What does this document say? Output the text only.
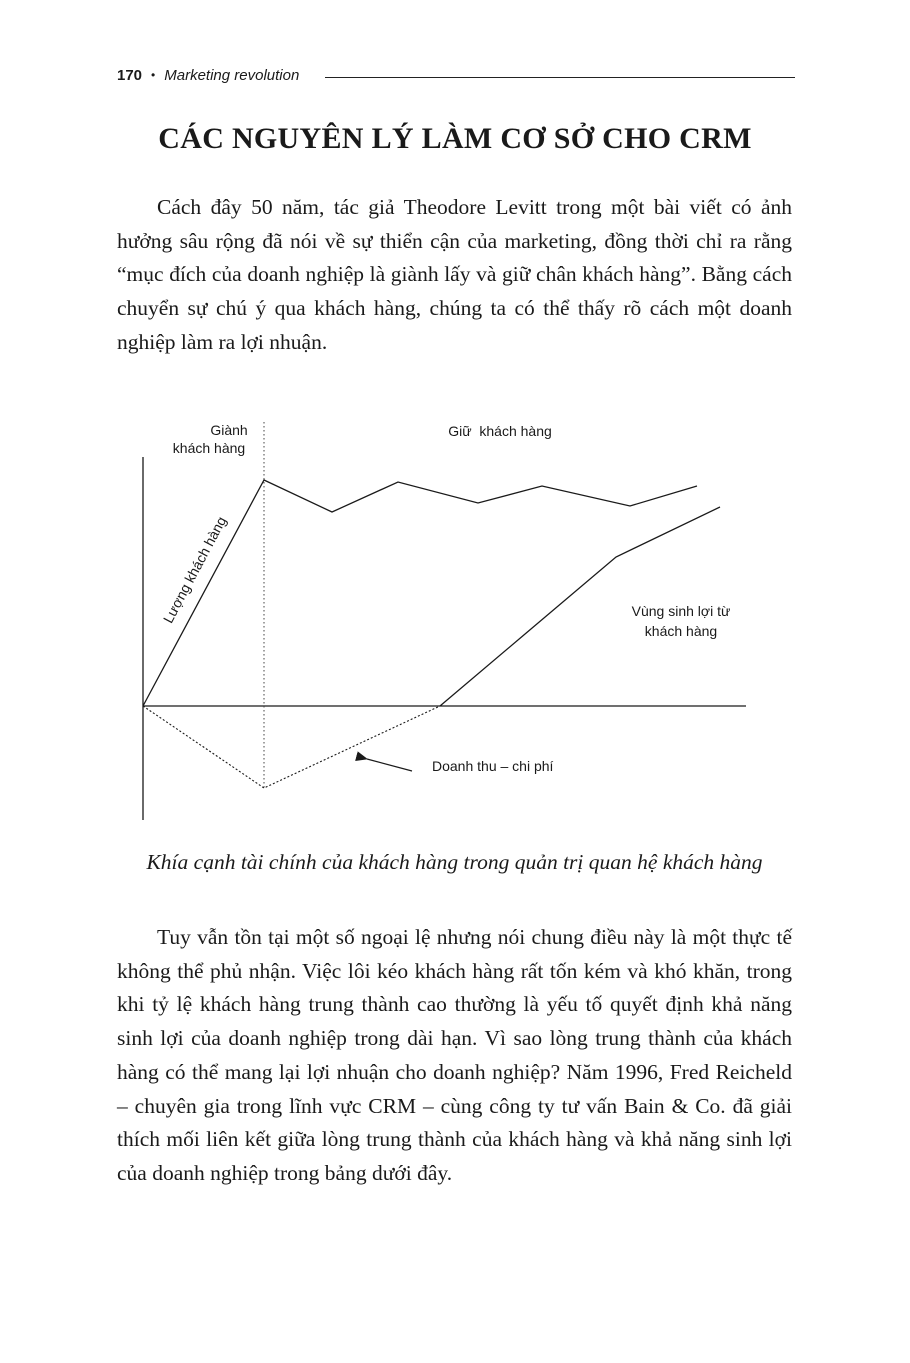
170 • Marketing revolution
CÁC NGUYÊN LÝ LÀM CƠ SỞ CHO CRM

Cách đây 50 năm, tác giả Theodore Levitt trong một bài viết có ảnh hưởng sâu rộng đã nói về sự thiển cận của marketing, đồng thời chỉ ra rằng “mục đích của doanh nghiệp là giành lấy và giữ chân khách hàng”. Bằng cách chuyển sự chú ý qua khách hàng, chúng ta có thể thấy rõ cách một doanh nghiệp làm ra lợi nhuận.

Giành
khách hàng
Giữ  khách hàng
Lượng khách hàng	Vùng sinh lợi từ
khách hàng
Doanh thu – chi phí

Khía cạnh tài chính của khách hàng trong quản trị quan hệ khách hàng

Tuy vẫn tồn tại một số ngoại lệ nhưng nói chung điều này là một thực tế không thể phủ nhận. Việc lôi kéo khách hàng rất tốn kém và khó khăn, trong khi tỷ lệ khách hàng trung thành cao thường là yếu tố quyết định khả năng sinh lợi của doanh nghiệp trong dài hạn. Vì sao lòng trung thành của khách hàng có thể mang lại lợi nhuận cho doanh nghiệp? Năm 1996, Fred Reicheld – chuyên gia trong lĩnh vực CRM – cùng công ty tư vấn Bain & Co. đã giải thích mối liên kết giữa lòng trung thành của khách hàng và khả năng sinh lợi của doanh nghiệp trong bảng dưới đây.
